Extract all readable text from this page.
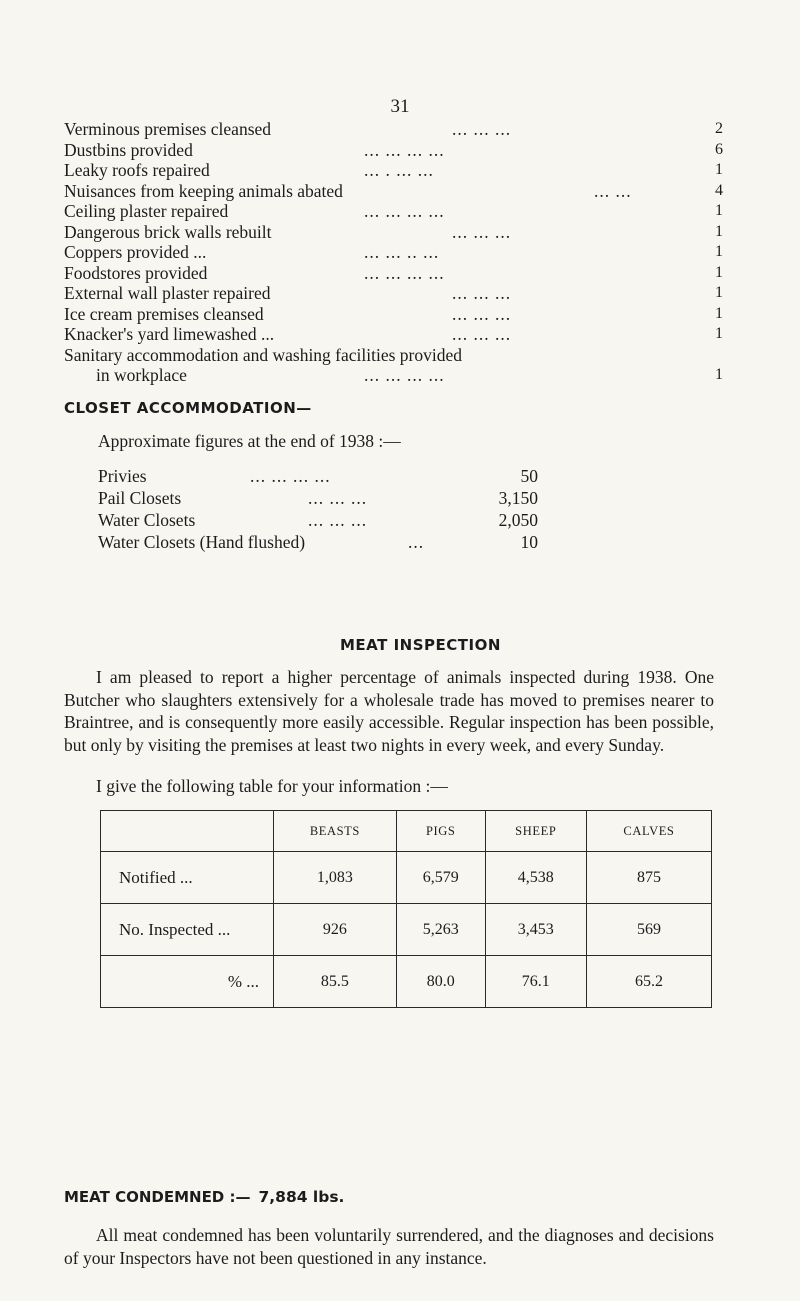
31
Verminous premises cleansed	... ... ...	2
Dustbins provided	... ... ... ...	6
Leaky roofs repaired	... . ... ...	1
Nuisances from keeping animals abated	... ...	4
Ceiling plaster repaired	... ... ... ...	1
Dangerous brick walls rebuilt	... ... ...	1
Coppers provided ...	... ... .. ...	1
Foodstores provided	... ... ... ...	1
External wall plaster repaired	... ... ...	1
Ice cream premises cleansed	... ... ...	1
Knacker's yard limewashed ...	... ... ...	1
Sanitary accommodation and washing facilities provided
in workplace	... ... ... ...	1
CLOSET ACCOMMODATION—
Approximate figures at the end of 1938 :—
Privies	... ... ... ...	50
Pail Closets	... ... ...	3,150
Water Closets	... ... ...	2,050
Water Closets (Hand flushed)	...	10
MEAT INSPECTION
I am pleased to report a higher percentage of animals inspected during 1938. One Butcher who slaughters extensively for a wholesale trade has moved to premises nearer to Braintree, and is consequently more easily accessible. Regular inspection has been possible, but only by visiting the premises at least two nights in every week, and every Sunday.
I give the following table for your information :—
	BEASTS	PIGS	SHEEP	CALVES
Notified ...	1,083	6,579	4,538	875
No. Inspected ...	926	5,263	3,453	569
% ...	85.5	80.0	76.1	65.2
MEAT CONDEMNED :— 7,884 lbs.
All meat condemned has been voluntarily surrendered, and the diagnoses and decisions of your Inspectors have not been questioned in any instance.
